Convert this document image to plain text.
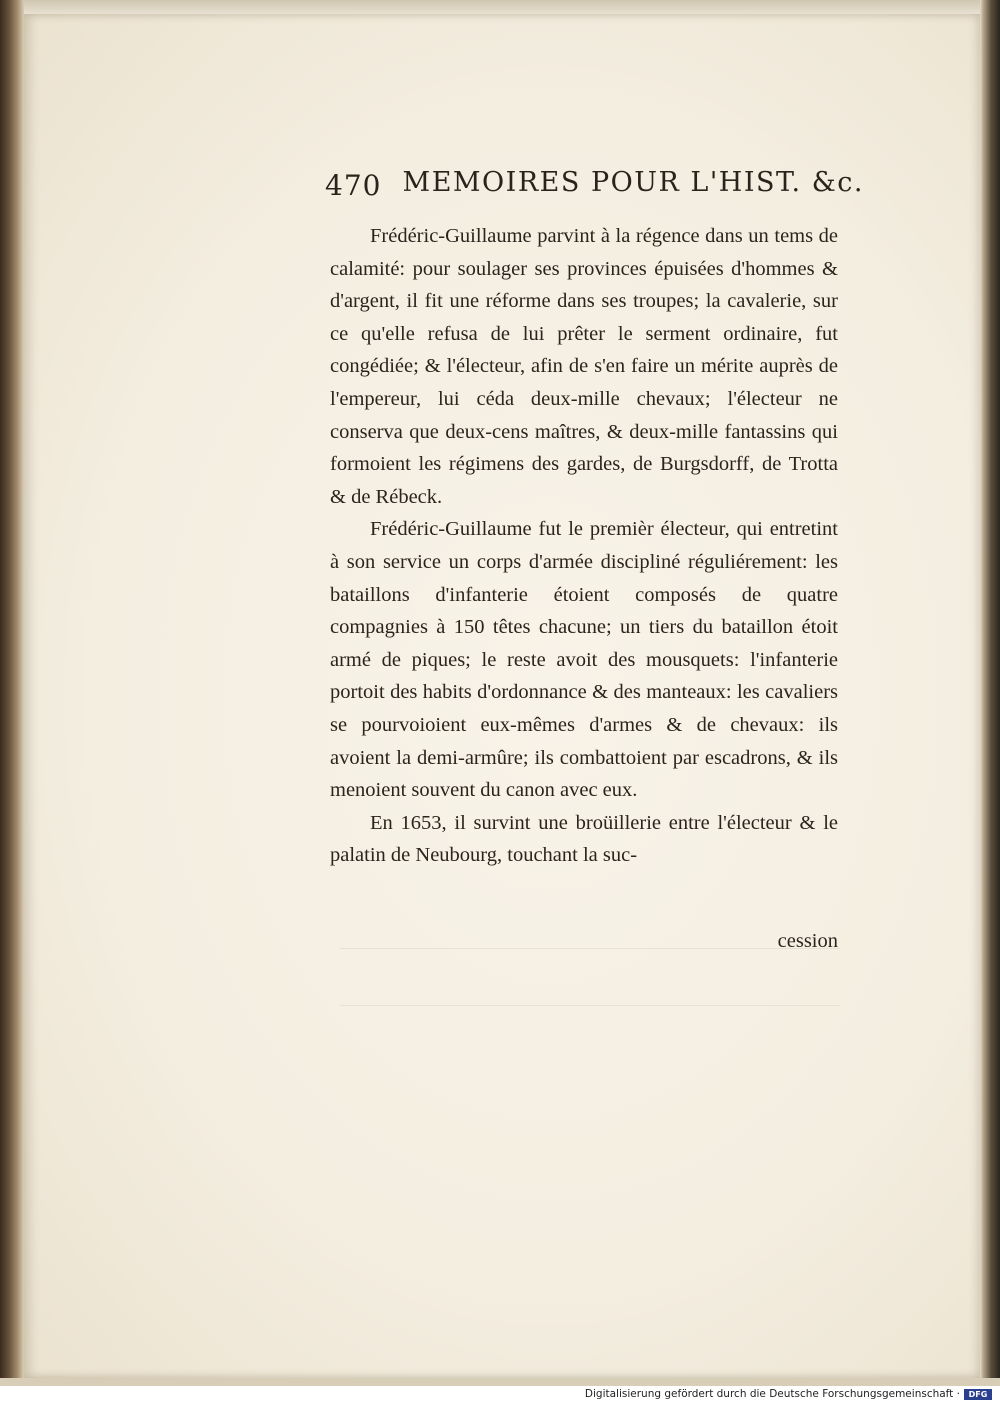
470 MEMOIRES POUR L'HIST. &c.

Frédéric-Guillaume parvint à la régence dans un tems de calamité: pour soulager ses provinces épuisées d'hommes & d'argent, il fit une réforme dans ses troupes; la cavalerie, sur ce qu'elle refusa de lui prêter le serment ordinaire, fut congédiée; & l'électeur, afin de s'en faire un mérite auprès de l'empereur, lui céda deux-mille chevaux; l'électeur ne conserva que deux-cens maîtres, & deux-mille fantassins qui formoient les régimens des gardes, de Burgsdorff, de Trotta & de Rébeck.

Frédéric-Guillaume fut le premièr électeur, qui entretint à son service un corps d'armée discipliné réguliérement: les bataillons d'infanterie étoient composés de quatre compagnies à 150 têtes chacune; un tiers du bataillon étoit armé de piques; le reste avoit des mousquets: l'infanterie portoit des habits d'ordonnance & des manteaux: les cavaliers se pourvoioient eux-mêmes d'armes & de chevaux: ils avoient la demi-armûre; ils combattoient par escadrons, & ils menoient souvent du canon avec eux.

En 1653, il survint une broüillerie entre l'électeur & le palatin de Neubourg, touchant la suc-

cession
Digitalisierung gefördert durch die Deutsche Forschungsgemeinschaft ·	DFG
